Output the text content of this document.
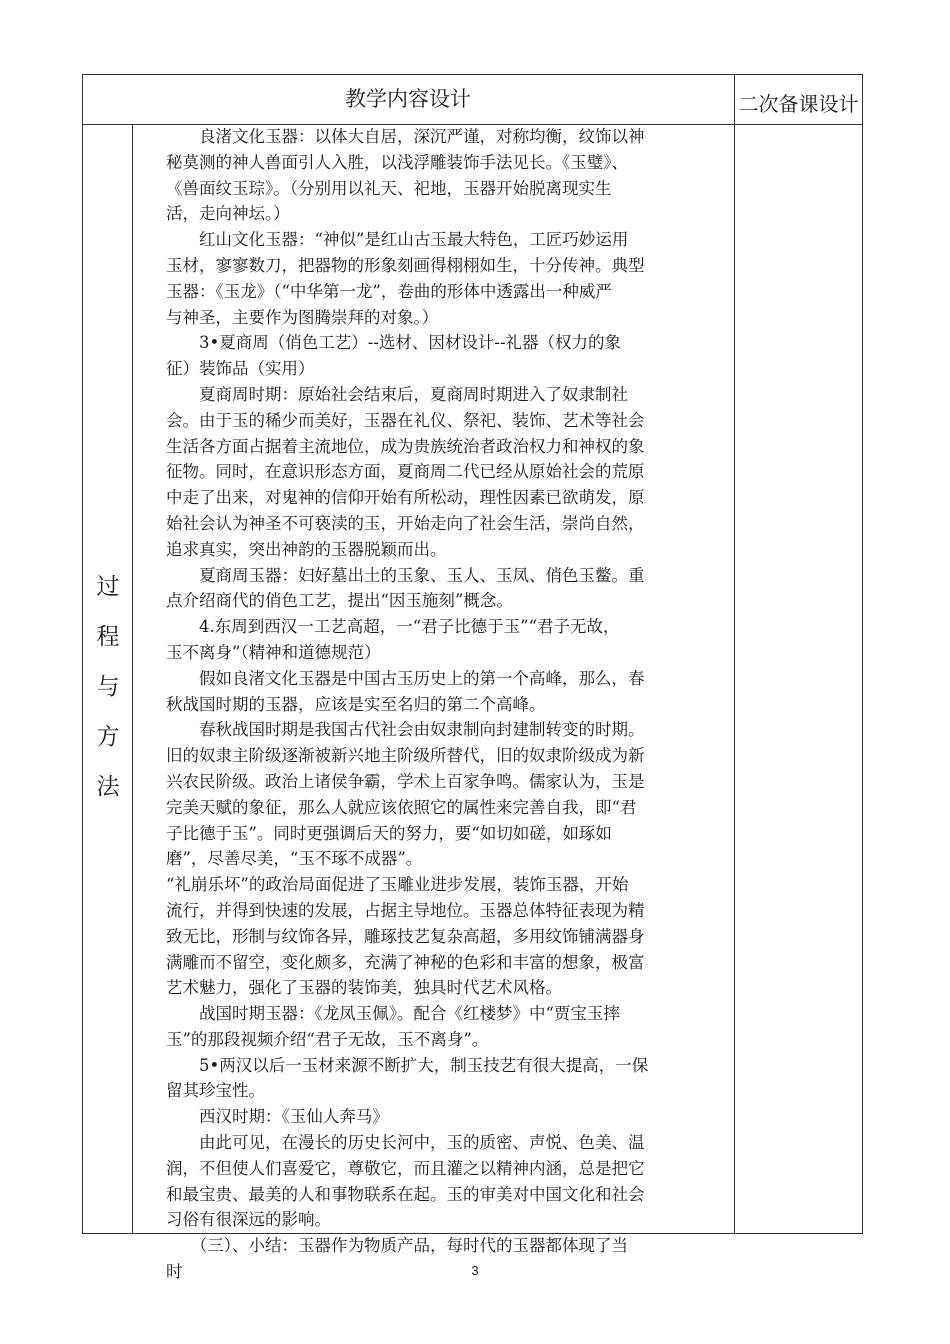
教学内容设计	二次备课设计
过
程
与
方
法
　　良渚文化玉器：以体大自居，深沉严谨，对称均衡，纹饰以神
秘莫测的神人兽面引人入胜，以浅浮雕装饰手法见长。《玉璧》、
《兽面纹玉琮》。（分别用以礼天、祀地，玉器开始脱离现实生
活，走向神坛。）
　　红山文化玉器：“神似”是红山古玉最大特色，工匠巧妙运用
玉材，寥寥数刀，把器物的形象刻画得栩栩如生，十分传神。典型
玉器：《玉龙》（“中华第一龙”，卷曲的形体中透露出一种威严
与神圣，主要作为图腾崇拜的对象。）
　　3•夏商周（俏色工艺）--选材、因材设计--礼器（权力的象
征）装饰品（实用）
　　夏商周时期：原始社会结束后，夏商周时期进入了奴隶制社
会。由于玉的稀少而美好，玉器在礼仪、祭祀、装饰、艺术等社会
生活各方面占据着主流地位，成为贵族统治者政治权力和神权的象
征物。同时，在意识形态方面，夏商周二代已经从原始社会的荒原
中走了出来，对鬼神的信仰开始有所松动，理性因素已欲萌发，原
始社会认为神圣不可亵渎的玉，开始走向了社会生活，崇尚自然，
追求真实，突出神韵的玉器脱颖而出。
　　夏商周玉器：妇好墓出土的玉象、玉人、玉凤、俏色玉鳖。重
点介绍商代的俏色工艺，提出“因玉施刻”概念。
　　4.东周到西汉一工艺高超，一“君子比德于玉”“君子无故，
玉不离身”（精神和道德规范）
　　假如良渚文化玉器是中国古玉历史上的第一个高峰，那么，春
秋战国时期的玉器，应该是实至名归的第二个高峰。
　　春秋战国时期是我国古代社会由奴隶制向封建制转变的时期。
旧的奴隶主阶级逐渐被新兴地主阶级所替代，旧的奴隶阶级成为新
兴农民阶级。政治上诸侯争霸，学术上百家争鸣。儒家认为，玉是
完美天赋的象征，那么人就应该依照它的属性来完善自我，即“君
子比德于玉”。同时更强调后天的努力，要“如切如磋，如琢如
磨”，尽善尽美，“玉不琢不成器”。
“礼崩乐坏”的政治局面促进了玉雕业进步发展，装饰玉器，开始
流行，并得到快速的发展，占据主导地位。玉器总体特征表现为精
致无比，形制与纹饰各异，雕琢技艺复杂高超，多用纹饰铺满器身
满雕而不留空，变化颇多，充满了神秘的色彩和丰富的想象，极富
艺术魅力，强化了玉器的装饰美，独具时代艺术风格。
　　战国时期玉器：《龙凤玉佩》。配合《红楼梦》中“贾宝玉摔
玉”的那段视频介绍“君子无故，玉不离身”。
　　5•两汉以后一玉材来源不断扩大，制玉技艺有很大提高，一保
留其珍宝性。
　　西汉时期：《玉仙人奔马》
　　由此可见，在漫长的历史长河中，玉的质密、声悦、色美、温
润，不但使人们喜爱它，尊敬它，而且灌之以精神内涵，总是把它
和最宝贵、最美的人和事物联系在起。玉的审美对中国文化和社会
习俗有很深远的影响。
　　（三）、小结：玉器作为物质产品，每时代的玉器都体现了当
时	3
